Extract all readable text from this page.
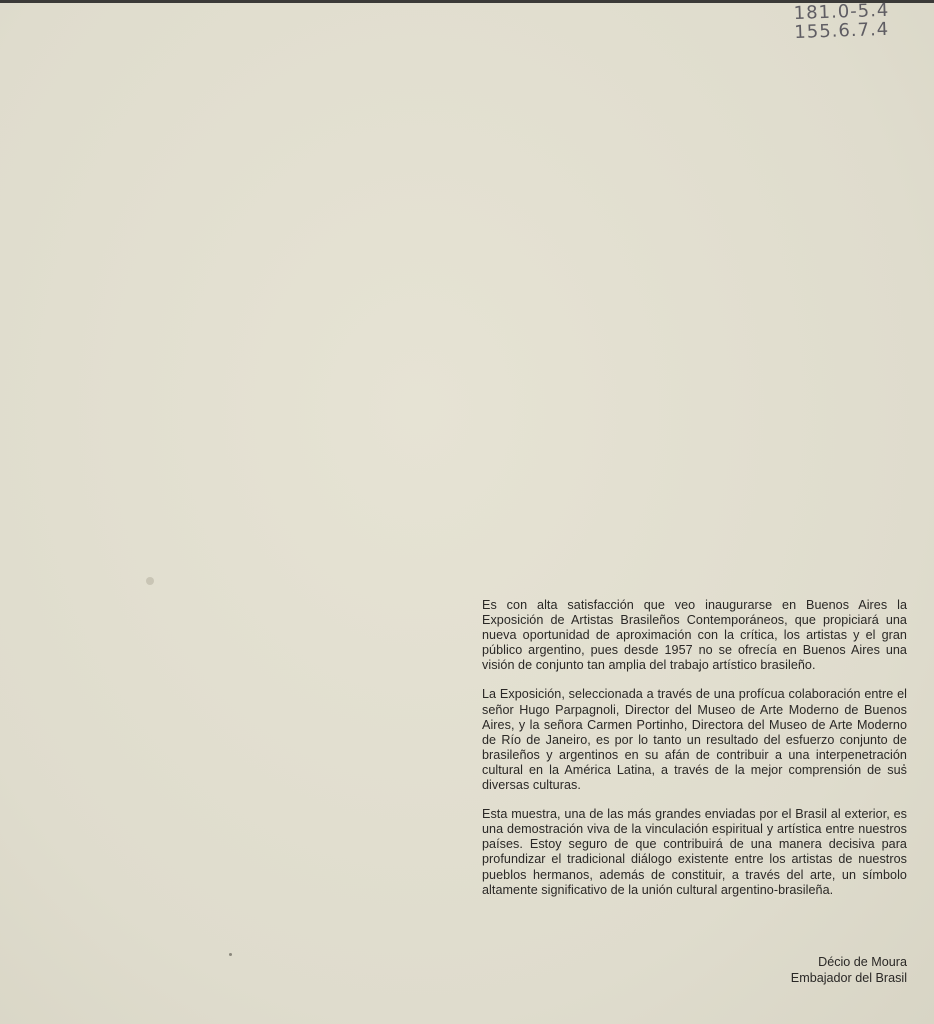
181.0-5.4
155.6.7.4

Es con alta satisfacción que veo inaugurarse en Buenos Aires la Exposición de Artistas Brasileños Contemporáneos, que propiciará una nueva oportunidad de aproximación con la crítica, los artistas y el gran público argentino, pues desde 1957 no se ofrecía en Buenos Aires una visión de conjunto tan amplia del trabajo artístico brasileño.

La Exposición, seleccionada a través de una profícua colaboración entre el señor Hugo Parpagnoli, Director del Museo de Arte Moderno de Buenos Aires, y la señora Carmen Portinho, Directora del Museo de Arte Moderno de Río de Janeiro, es por lo tanto un resultado del esfuerzo conjunto de brasileños y argentinos en su afán de contribuir a una interpenetración cultural en la América Latina, a través de la mejor comprensión de sus diversas culturas.

Esta muestra, una de las más grandes enviadas por el Brasil al exterior, es una demostración viva de la vinculación espiritual y artística entre nuestros países. Estoy seguro de que contribuirá de una manera decisiva para profundizar el tradicional diálogo existente entre los artistas de nuestros pueblos hermanos, además de constituir, a través del arte, un símbolo altamente significativo de la unión cultural argentino-brasileña.

Décio de Moura
Embajador del Brasil
